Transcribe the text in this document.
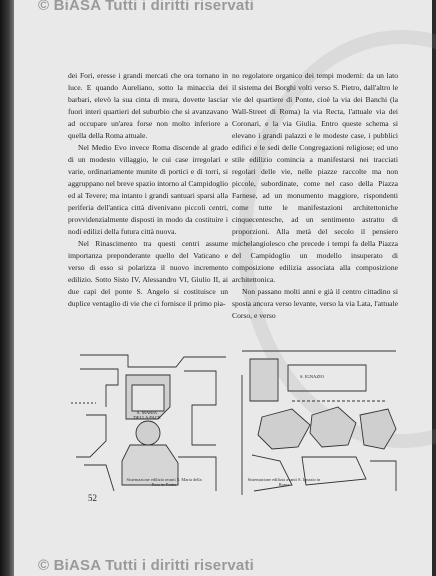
© BiASA Tutti i diritti riservati

dei Fori, eresse i grandi mercati che ora tornano in luce. E quando Aureliano, sotto la minaccia dei barbari, elevò la sua cinta di mura, dovette lasciar fuori interi quartieri del suburbio che si avanzavano ad occupare un'area forse non molto inferiore a quella della Roma attuale.

Nel Medio Evo invece Roma discende al grado di un modesto villaggio, le cui case irregolari e varie, ordinariamente munite di portici e di torri, si aggruppano nel breve spazio intorno al Campidoglio ed al Tevere; ma intanto i grandi santuari sparsi alla periferia dell'antica città divenivano piccoli centri, provvidenzialmente disposti in modo da costituire i nodi edilizi della futura città nuova.

Nel Rinascimento tra questi centri assume importanza preponderante quello del Vaticano e verso di esso si polarizza il nuovo incremento edilizio. Sotto Sisto IV, Alessandro VI, Giulio II, ai due capi del ponte S. Angelo si costituisce un duplice ventaglio di vie che ci fornisce il primo pia-

no regolatore organico dei tempi moderni: da un lato il sistema dei Borghi volti verso S. Pietro, dall'altro le vie del quartiere di Ponte, cioè la via dei Banchi (la Wall-Street di Roma) la via Recta, l'attuale via dei Coronari, e la via Giulia. Entro queste schema si elevano i grandi palazzi e le modeste case, i pubblici edifici e le sedi delle Congregazioni religiose; ed uno stile edilizio comincia a manifestarsi nei tracciati regolari delle vie, nelle piazze raccolte ma non piccole, subordinate, come nel caso della Piazza Farnese, ad un monumento maggiore, rispondenti come tutte le manifestazioni architettoniche cinquecentesche, ad un sentimento astratto di proporzioni. Alla metà del secolo il pensiero michelangiolesco che precede i tempi fa della Piazza del Campidoglio un modello insuperato di composizione edilizia associata alla composizione architettonica.

Non passano molti anni e già il centro cittadino si sposta ancora verso levante, verso la via Lata, l'attuale Corso, e verso

S. MARIA DELLA PACE
S. IGNAZIO
Sistemazione edilizia avanti S. Maria della Pace in Roma
Sistemazione edilizia avanti S. Ignazio in Roma
52
© BiASA Tutti i diritti riservati
